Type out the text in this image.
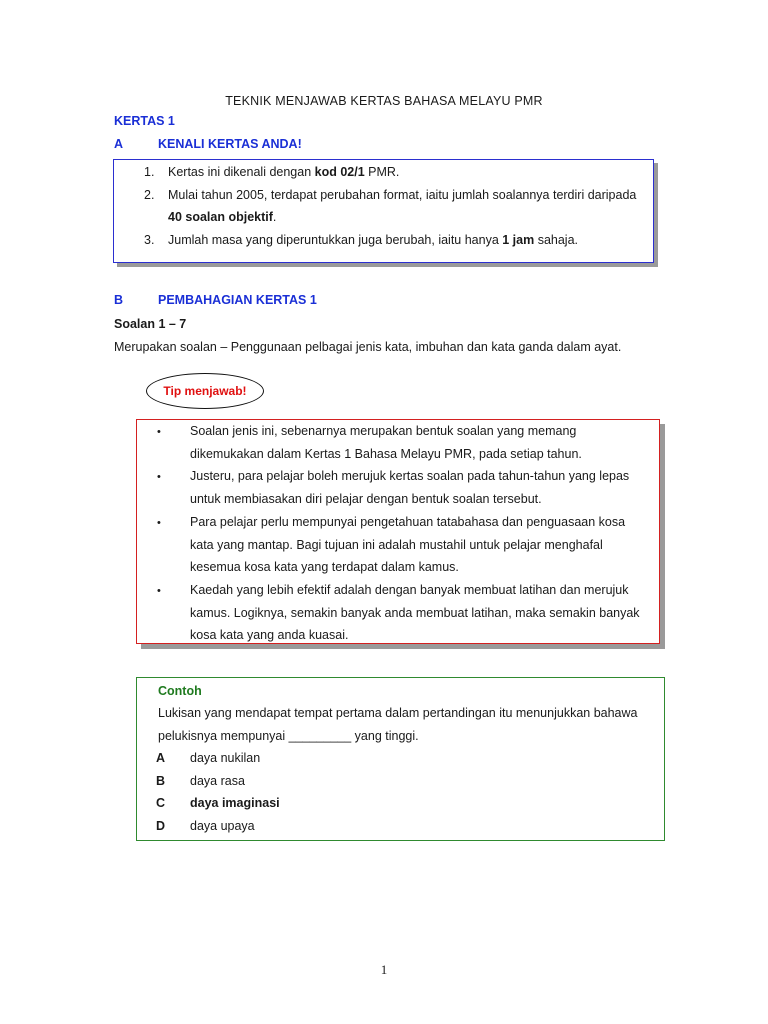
TEKNIK MENJAWAB KERTAS BAHASA MELAYU PMR
KERTAS 1
A	KENALI KERTAS ANDA!
1. Kertas ini dikenali dengan kod 02/1 PMR.
2. Mulai tahun 2005, terdapat perubahan format, iaitu jumlah soalannya terdiri daripada
40 soalan objektif.
3. Jumlah masa yang diperuntukkan juga berubah, iaitu hanya 1 jam sahaja.
B	PEMBAHAGIAN KERTAS 1
Soalan 1 – 7
Merupakan soalan – Penggunaan pelbagai jenis kata, imbuhan dan kata ganda dalam ayat.
Tip menjawab!
• Soalan jenis ini, sebenarnya merupakan bentuk soalan yang memang
dikemukakan dalam Kertas 1 Bahasa Melayu PMR, pada setiap tahun.
• Justeru, para pelajar boleh merujuk kertas soalan pada tahun-tahun yang lepas
untuk membiasakan diri pelajar dengan bentuk soalan tersebut.
• Para pelajar perlu mempunyai pengetahuan tatabahasa dan penguasaan kosa
kata yang mantap. Bagi tujuan ini adalah mustahil untuk pelajar menghafal
kesemua kosa kata yang terdapat dalam kamus.
• Kaedah yang lebih efektif adalah dengan banyak membuat latihan dan merujuk
kamus. Logiknya, semakin banyak anda membuat latihan, maka semakin banyak
kosa kata yang anda kuasai.
Contoh
Lukisan yang mendapat tempat pertama dalam pertandingan itu menunjukkan bahawa
pelukisnya mempunyai _________ yang tinggi.
A daya nukilan
B daya rasa
C daya imaginasi
D daya upaya
1
